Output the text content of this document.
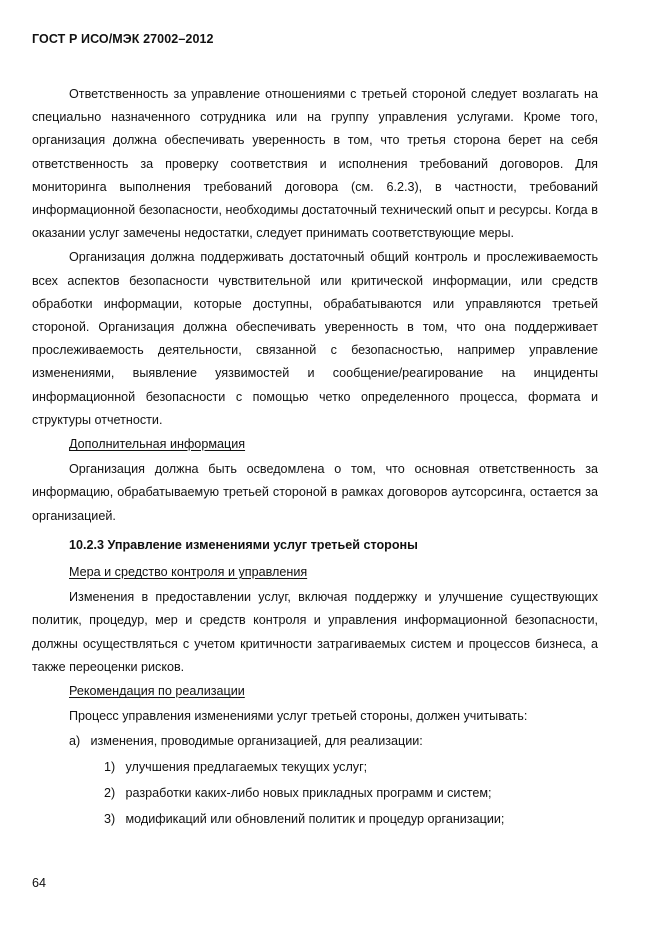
ГОСТ Р ИСО/МЭК 27002–2012

Ответственность за управление отношениями с третьей стороной следует возлагать на специально назначенного сотрудника или на группу управления услугами. Кроме того, организация должна обеспечивать уверенность в том, что третья сторона берет на себя ответственность за проверку соответствия и исполнения требований договоров. Для мониторинга выполнения требований договора (см. 6.2.3), в частности, требований информационной безопасности, необходимы достаточный технический опыт и ресурсы. Когда в оказании услуг замечены недостатки, следует принимать соответствующие меры.

Организация должна поддерживать достаточный общий контроль и прослеживаемость всех аспектов безопасности чувствительной или критической информации, или средств обработки информации, которые доступны, обрабатываются или управляются третьей стороной. Организация должна обеспечивать уверенность в том, что она поддерживает прослеживаемость деятельности, связанной с безопасностью, например управление изменениями, выявление уязвимостей и сообщение/реагирование на инциденты информационной безопасности с помощью четко определенного процесса, формата и структуры отчетности.

Дополнительная информация

Организация должна быть осведомлена о том, что основная ответственность за информацию, обрабатываемую третьей стороной в рамках договоров аутсорсинга, остается за организацией.

10.2.3 Управление изменениями услуг третьей стороны
Мера и средство контроля и управления

Изменения в предоставлении услуг, включая поддержку и улучшение существующих политик, процедур, мер и средств контроля и управления информационной безопасности, должны осуществляться с учетом критичности затрагиваемых систем и процессов бизнеса, а также переоценки рисков.

Рекомендация по реализации
Процесс управления изменениями услуг третьей стороны, должен учитывать:
а) изменения, проводимые организацией, для реализации:
1) улучшения предлагаемых текущих услуг;
2) разработки каких-либо новых прикладных программ и систем;
3) модификаций или обновлений политик и процедур организации;
64
